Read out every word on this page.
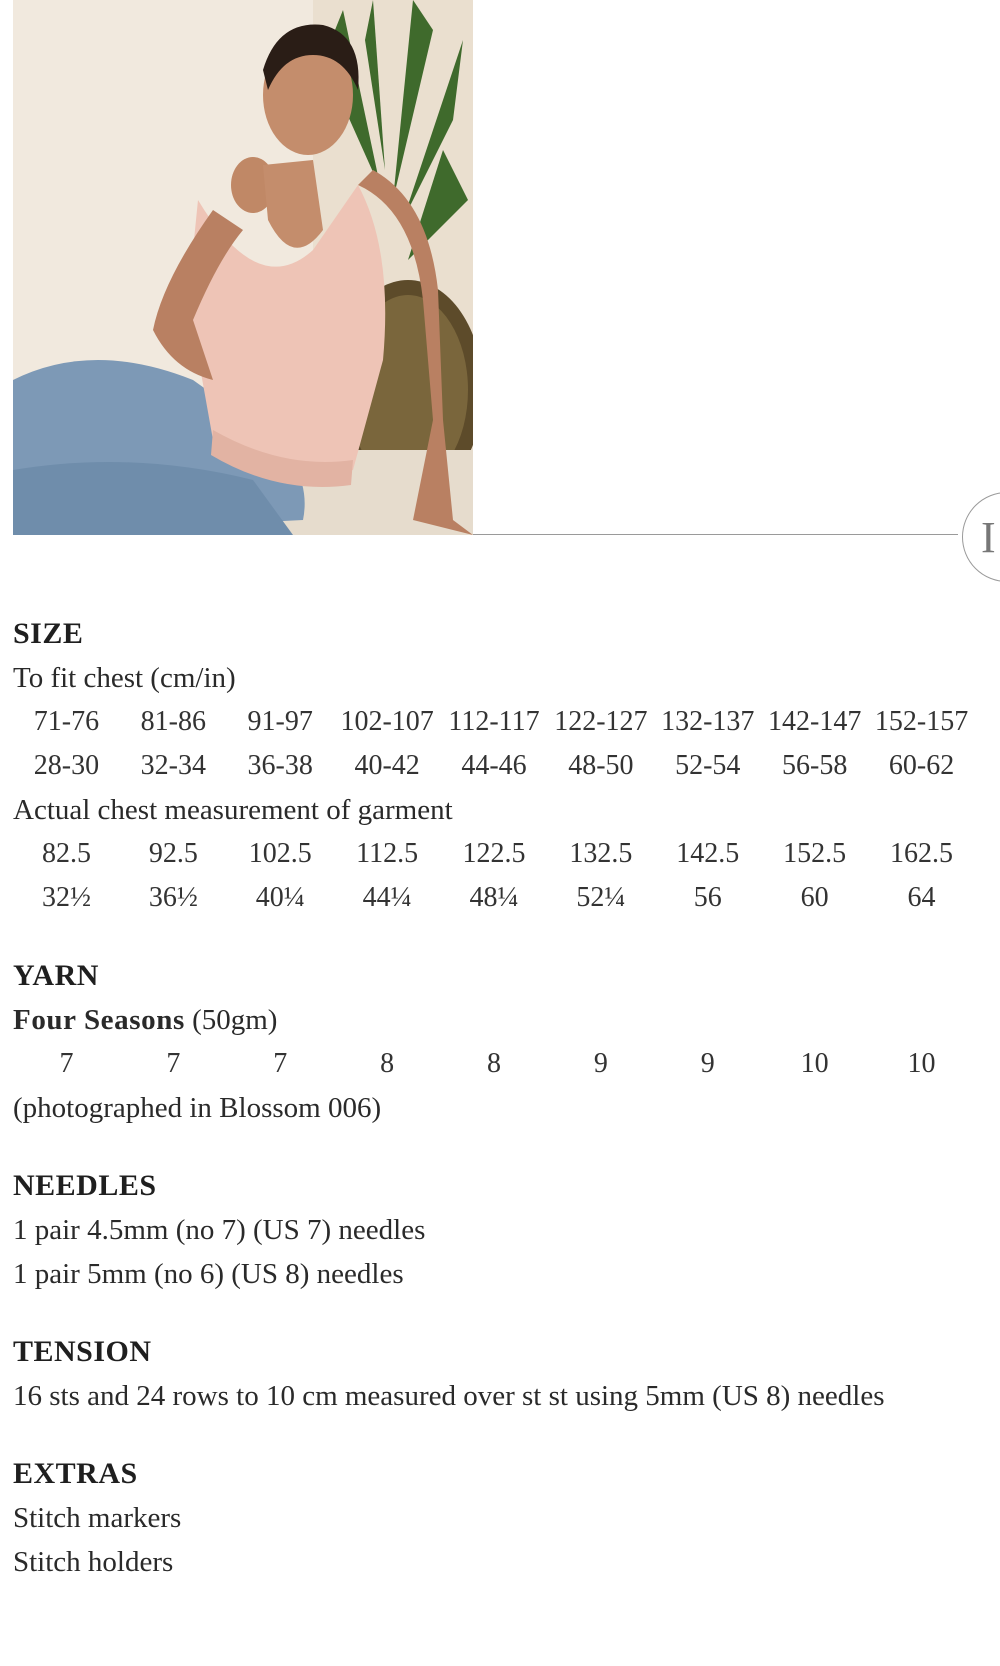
I
SIZE
To fit chest (cm/in)
71-76	81-86	91-97 102-107 112-117 122-127 132-137 142-147 152-157
28-30	32-34	36-38	40-42	44-46	48-50	52-54	56-58	60-62
Actual chest measurement of garment
82.5	92.5	102.5	112.5	122.5	132.5	142.5	152.5	162.5
32½	36½	40¼	44¼	48¼	52¼	56	60	64
YARN
Four Seasons (50gm)
7	7	7	8	8	9	9	10	10
(photographed in Blossom 006)
NEEDLES
1 pair 4.5mm (no 7) (US 7) needles
1 pair 5mm (no 6) (US 8) needles
TENSION
16 sts and 24 rows to 10 cm measured over st st using 5mm (US 8) needles
EXTRAS
Stitch markers
Stitch holders
